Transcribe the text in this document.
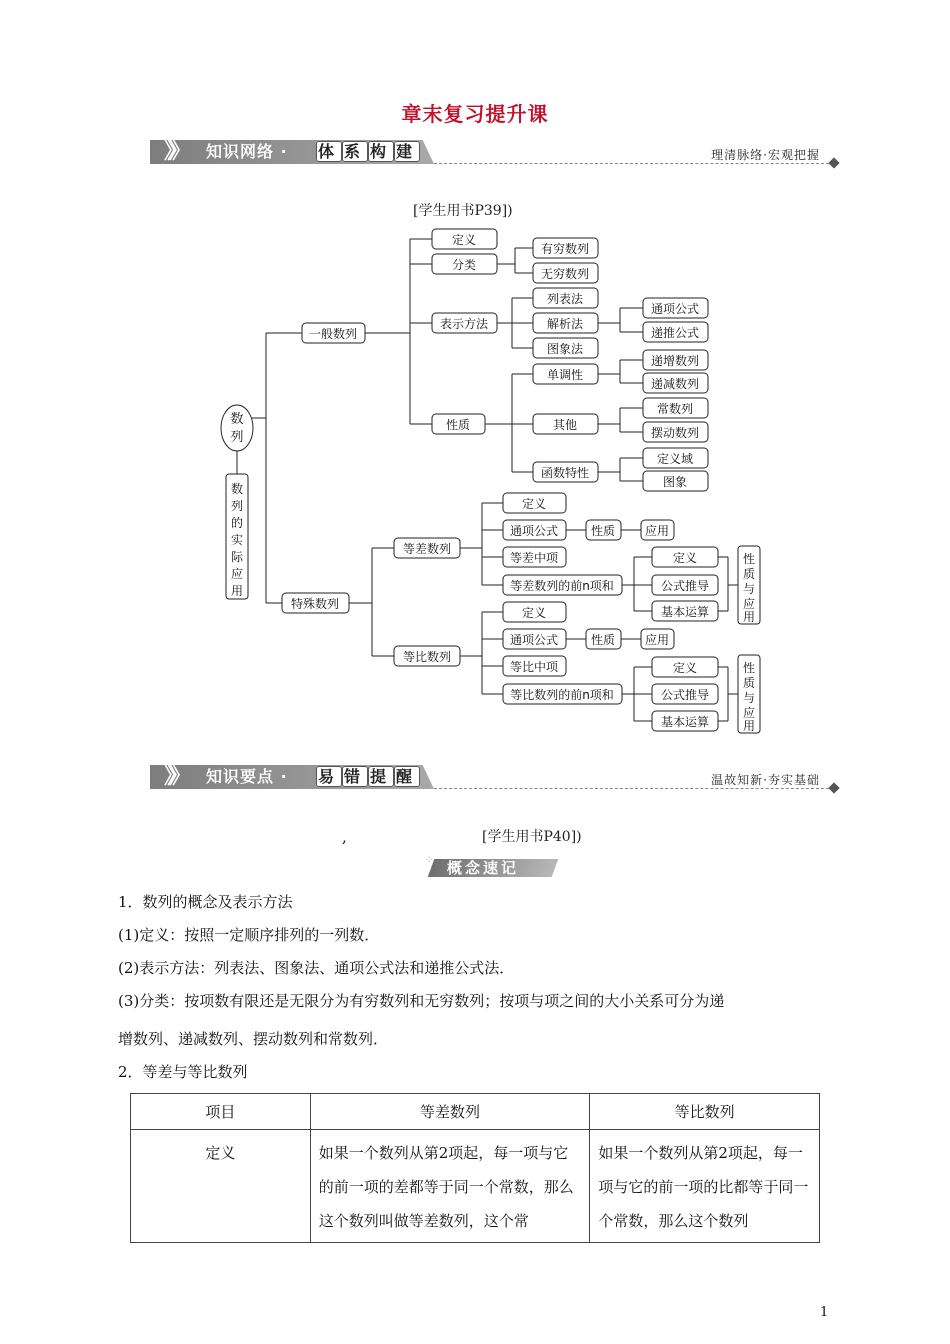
章末复习提升课
》》 知识网络 · 体 系 构 建	理清脉络·宏观把握
[学生用书P39])
数
列
数
列
的
实
际
应
用
一般数列
特殊数列
定义
分类
表示方法
性质
有穷数列
无穷数列
列表法
解析法
图象法
单调性
其他
函数特性
通项公式
递推公式
递增数列
递减数列
常数列
摆动数列
定义域
图象
等差数列
等比数列
定义
通项公式	性质 应用
等差中项
等差数列的前n项和
定义
公式推导
基本运算
性
质
与
应
用
定义
通项公式	性质 应用
等比中项
等比数列的前n项和
定义
公式推导
基本运算
性
质
与
应
用
》》 知识要点 · 易 错 提 醒	温故知新·夯实基础
,	[学生用书P40])
⁘ 概念速记
1．数列的概念及表示方法
(1)定义：按照一定顺序排列的一列数．
(2)表示方法：列表法、图象法、通项公式法和递推公式法．
(3)分类：按项数有限还是无限分为有穷数列和无穷数列；按项与项之间的大小关系可分为递
增数列、递减数列、摆动数列和常数列．
2．等差与等比数列
项目	等差数列	等比数列
定义	如果一个数列从第2项起，每一项与它的前一项的差都等于同一个常数，那么这个数列叫做等差数列，这个常	如果一个数列从第2项起，每一项与它的前一项的比都等于同一个常数，那么这个数列
1
